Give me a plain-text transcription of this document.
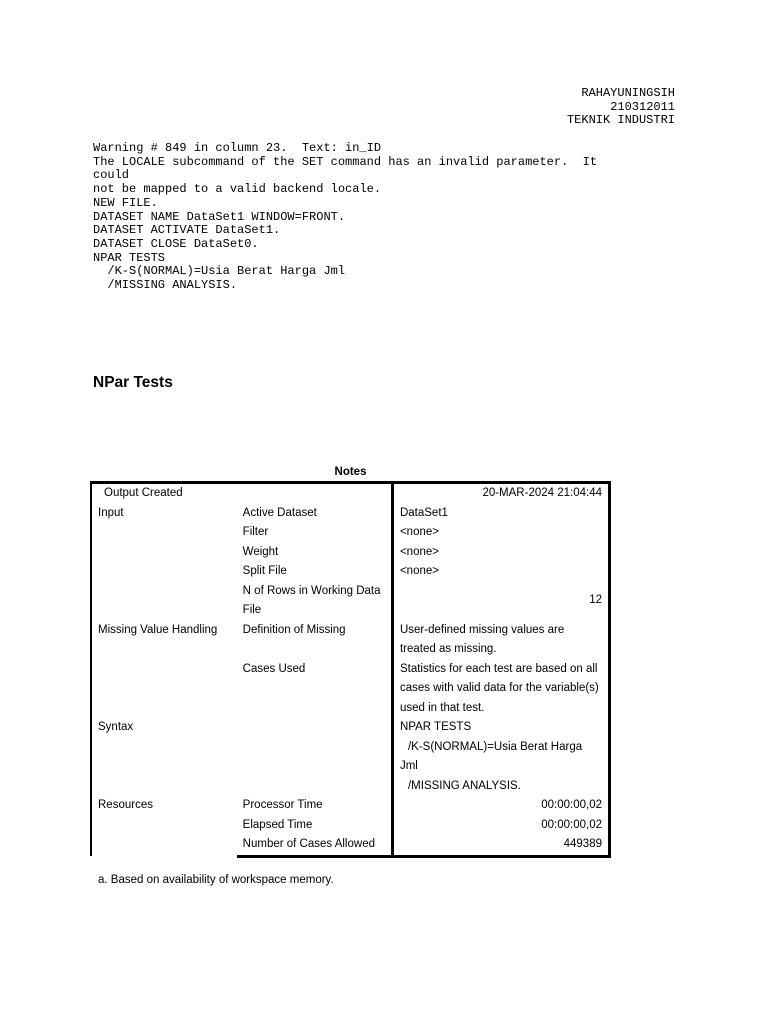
RAHAYUNINGSIH
210312011
TEKNIK INDUSTRI
Warning # 849 in column 23.  Text: in_ID
The LOCALE subcommand of the SET command has an invalid parameter.  It
could
not be mapped to a valid backend locale.
NEW FILE.
DATASET NAME DataSet1 WINDOW=FRONT.
DATASET ACTIVATE DataSet1.
DATASET CLOSE DataSet0.
NPAR TESTS
/K-S(NORMAL)=Usia Berat Harga Jml
/MISSING ANALYSIS.
NPar Tests
Notes
Output Created		20-MAR-2024 21:04:44
Input	Active Dataset	DataSet1
	Filter	<none>
	Weight	<none>
	Split File	<none>
	N of Rows in Working Data	12
	File	
Missing Value Handling	Definition of Missing	User-defined missing values are
		treated as missing.
	Cases Used	Statistics for each test are based on all
		cases with valid data for the variable(s)
		used in that test.
Syntax		NPAR TESTS
		/K-S(NORMAL)=Usia Berat Harga
		Jml
		/MISSING ANALYSIS.
Resources	Processor Time	00:00:00,02
	Elapsed Time	00:00:00,02
	Number of Cases Allowed	449389
a. Based on availability of workspace memory.
